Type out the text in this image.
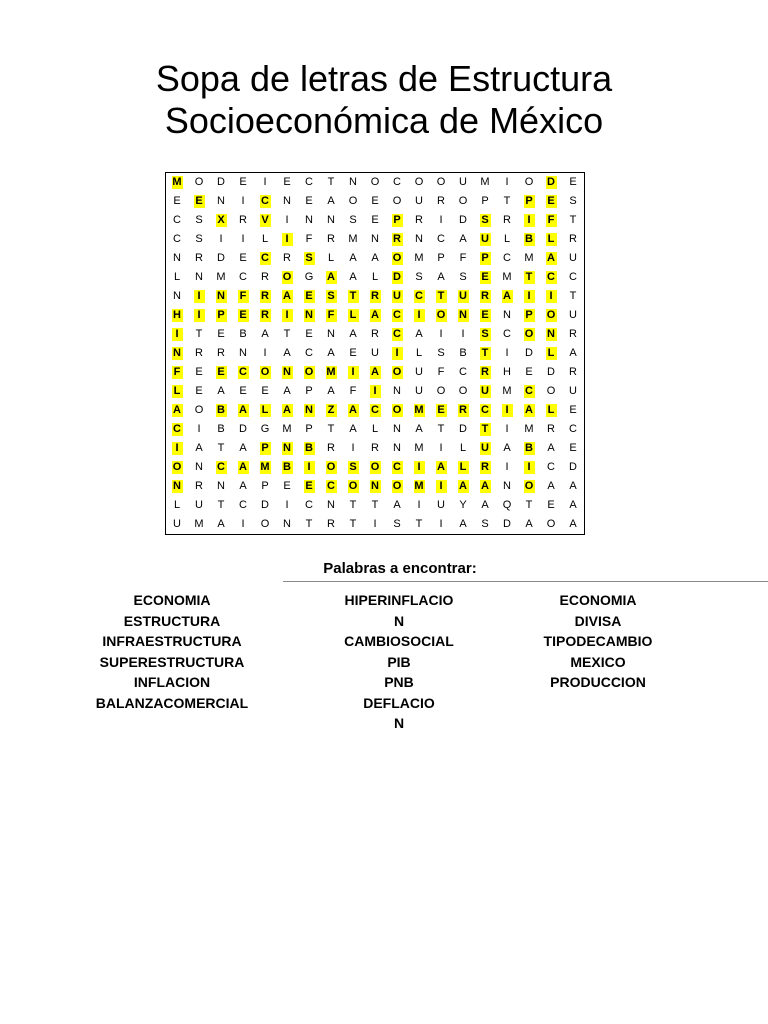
Sopa de letras de Estructura
Socioeconómica de México
M	O	D	E	I	E	C	T	N	O	C	O	O	U	M	I	O	D	E
E	E	N	I	C	N	E	A	O	E	O	U	R	O	P	T	P	E	S
C	S	X	R	V	I	N	N	S	E	P	R	I	D	S	R	I	F	T
C	S	I	I	L	I	F	R	M	N	R	N	C	A	U	L	B	L	R
N	R	D	E	C	R	S	L	A	A	O	M	P	F	P	C	M	A	U
L	N	M	C	R	O	G	A	A	L	D	S	A	S	E	M	T	C	C
N	I	N	F	R	A	E	S	T	R	U	C	T	U	R	A	I	I	T
H	I	P	E	R	I	N	F	L	A	C	I	O	N	E	N	P	O	U
I	T	E	B	A	T	E	N	A	R	C	A	I	I	S	C	O	N	R
N	R	R	N	I	A	C	A	E	U	I	L	S	B	T	I	D	L	A
F	E	E	C	O	N	O	M	I	A	O	U	F	C	R	H	E	D	R
L	E	A	E	E	A	P	A	F	I	N	U	O	O	U	M	C	O	U
A	O	B	A	L	A	N	Z	A	C	O	M	E	R	C	I	A	L	E
C	I	B	D	G	M	P	T	A	L	N	A	T	D	T	I	M	R	C
I	A	T	A	P	N	B	R	I	R	N	M	I	L	U	A	B	A	E
O	N	C	A	M	B	I	O	S	O	C	I	A	L	R	I	I	C	D
N	R	N	A	P	E	E	C	O	N	O	M	I	A	A	N	O	A	A
L	U	T	C	D	I	C	N	T	T	A	I	U	Y	A	Q	T	E	A
U	M	A	I	O	N	T	R	T	I	S	T	I	A	S	D	A	O	A
Palabras a encontrar:
ECONOMIA
ESTRUCTURA
INFRAESTRUCTURA
SUPERESTRUCTURA
INFLACION
BALANZACOMERCIAL
HIPERINFLACIO
N
CAMBIOSOCIAL
PIB
PNB
DEFLACIO
N
ECONOMIA
DIVISA
TIPODECAMBIO
MEXICO
PRODUCCION
